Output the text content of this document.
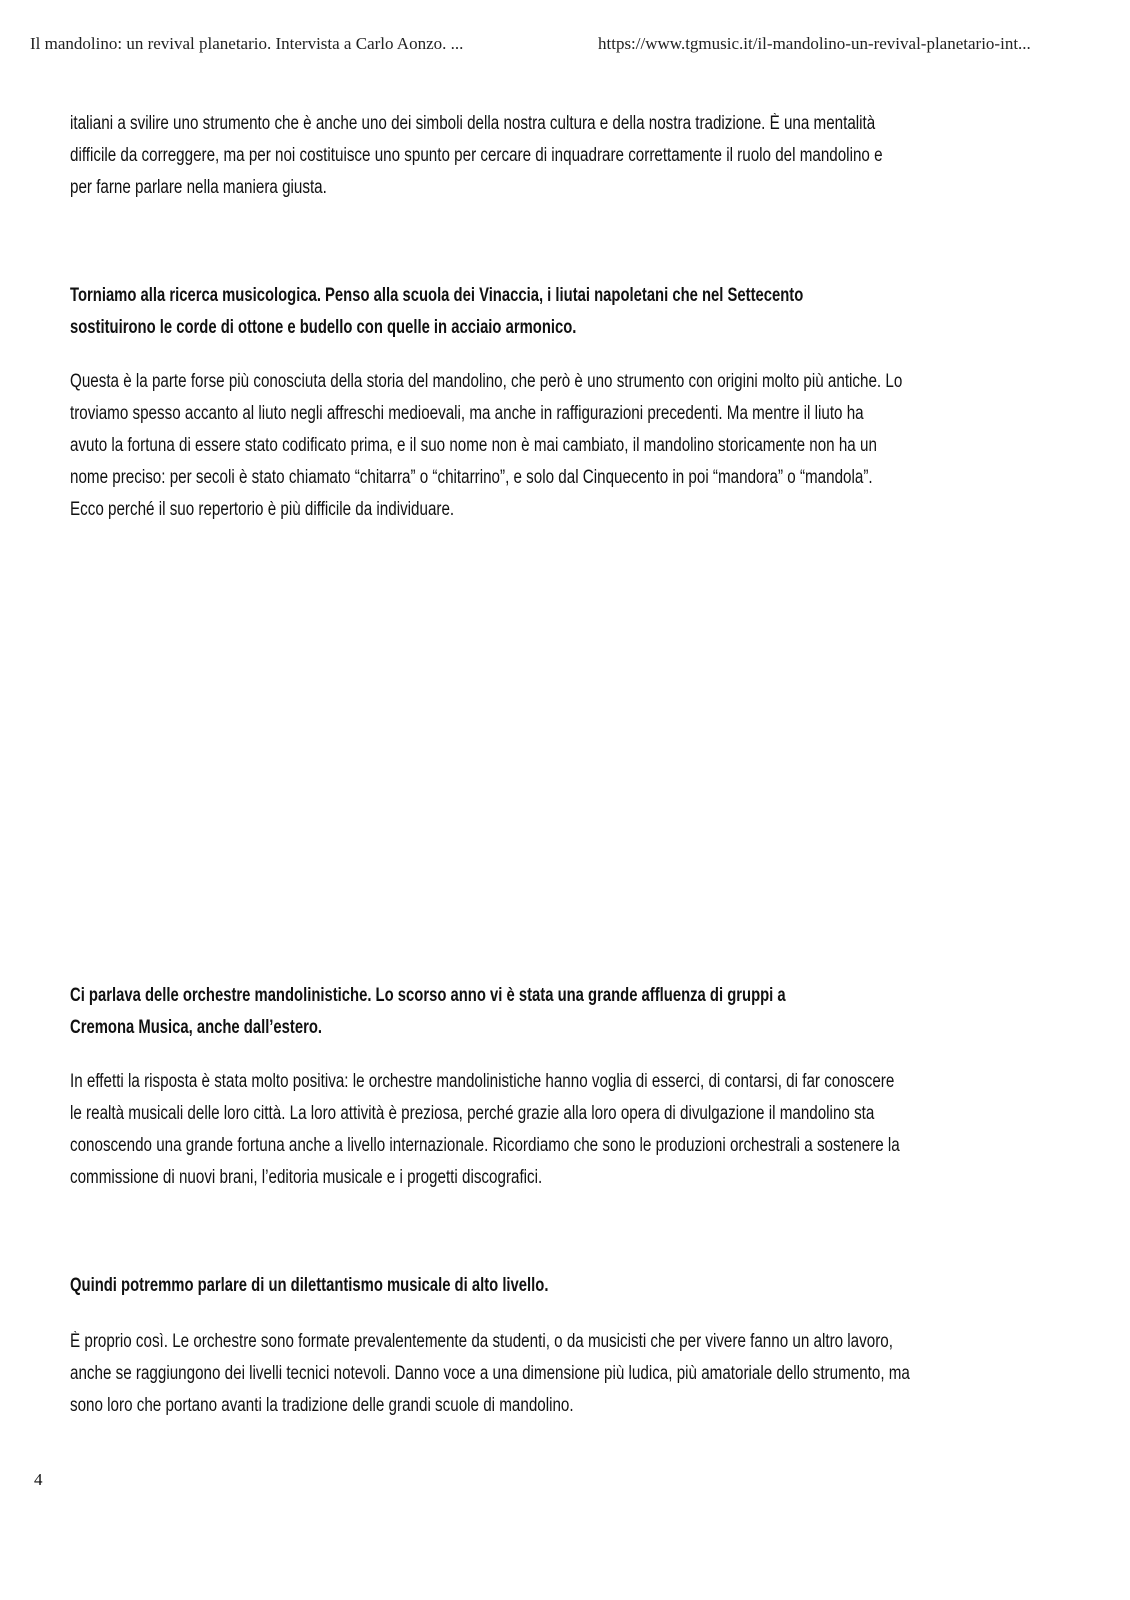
Il mandolino: un revival planetario. Intervista a Carlo Aonzo. ...	https://www.tgmusic.it/il-mandolino-un-revival-planetario-int...
italiani a svilire uno strumento che è anche uno dei simboli della nostra cultura e della nostra tradizione. È una mentalità
difficile da correggere, ma per noi costituisce uno spunto per cercare di inquadrare correttamente il ruolo del mandolino e
per farne parlare nella maniera giusta.
Torniamo alla ricerca musicologica. Penso alla scuola dei Vinaccia, i liutai napoletani che nel Settecento
sostituirono le corde di ottone e budello con quelle in acciaio armonico.
Questa è la parte forse più conosciuta della storia del mandolino, che però è uno strumento con origini molto più antiche. Lo
troviamo spesso accanto al liuto negli affreschi medioevali, ma anche in raffigurazioni precedenti. Ma mentre il liuto ha
avuto la fortuna di essere stato codificato prima, e il suo nome non è mai cambiato, il mandolino storicamente non ha un
nome preciso: per secoli è stato chiamato “chitarra” o “chitarrino”, e solo dal Cinquecento in poi “mandora” o “mandola”.
Ecco perché il suo repertorio è più difficile da individuare.
Ci parlava delle orchestre mandolinistiche. Lo scorso anno vi è stata una grande affluenza di gruppi a
Cremona Musica, anche dall’estero.
In effetti la risposta è stata molto positiva: le orchestre mandolinistiche hanno voglia di esserci, di contarsi, di far conoscere
le realtà musicali delle loro città. La loro attività è preziosa, perché grazie alla loro opera di divulgazione il mandolino sta
conoscendo una grande fortuna anche a livello internazionale. Ricordiamo che sono le produzioni orchestrali a sostenere la
commissione di nuovi brani, l’editoria musicale e i progetti discografici.
Quindi potremmo parlare di un dilettantismo musicale di alto livello.
È proprio così. Le orchestre sono formate prevalentemente da studenti, o da musicisti che per vivere fanno un altro lavoro,
anche se raggiungono dei livelli tecnici notevoli. Danno voce a una dimensione più ludica, più amatoriale dello strumento, ma
sono loro che portano avanti la tradizione delle grandi scuole di mandolino.
4
